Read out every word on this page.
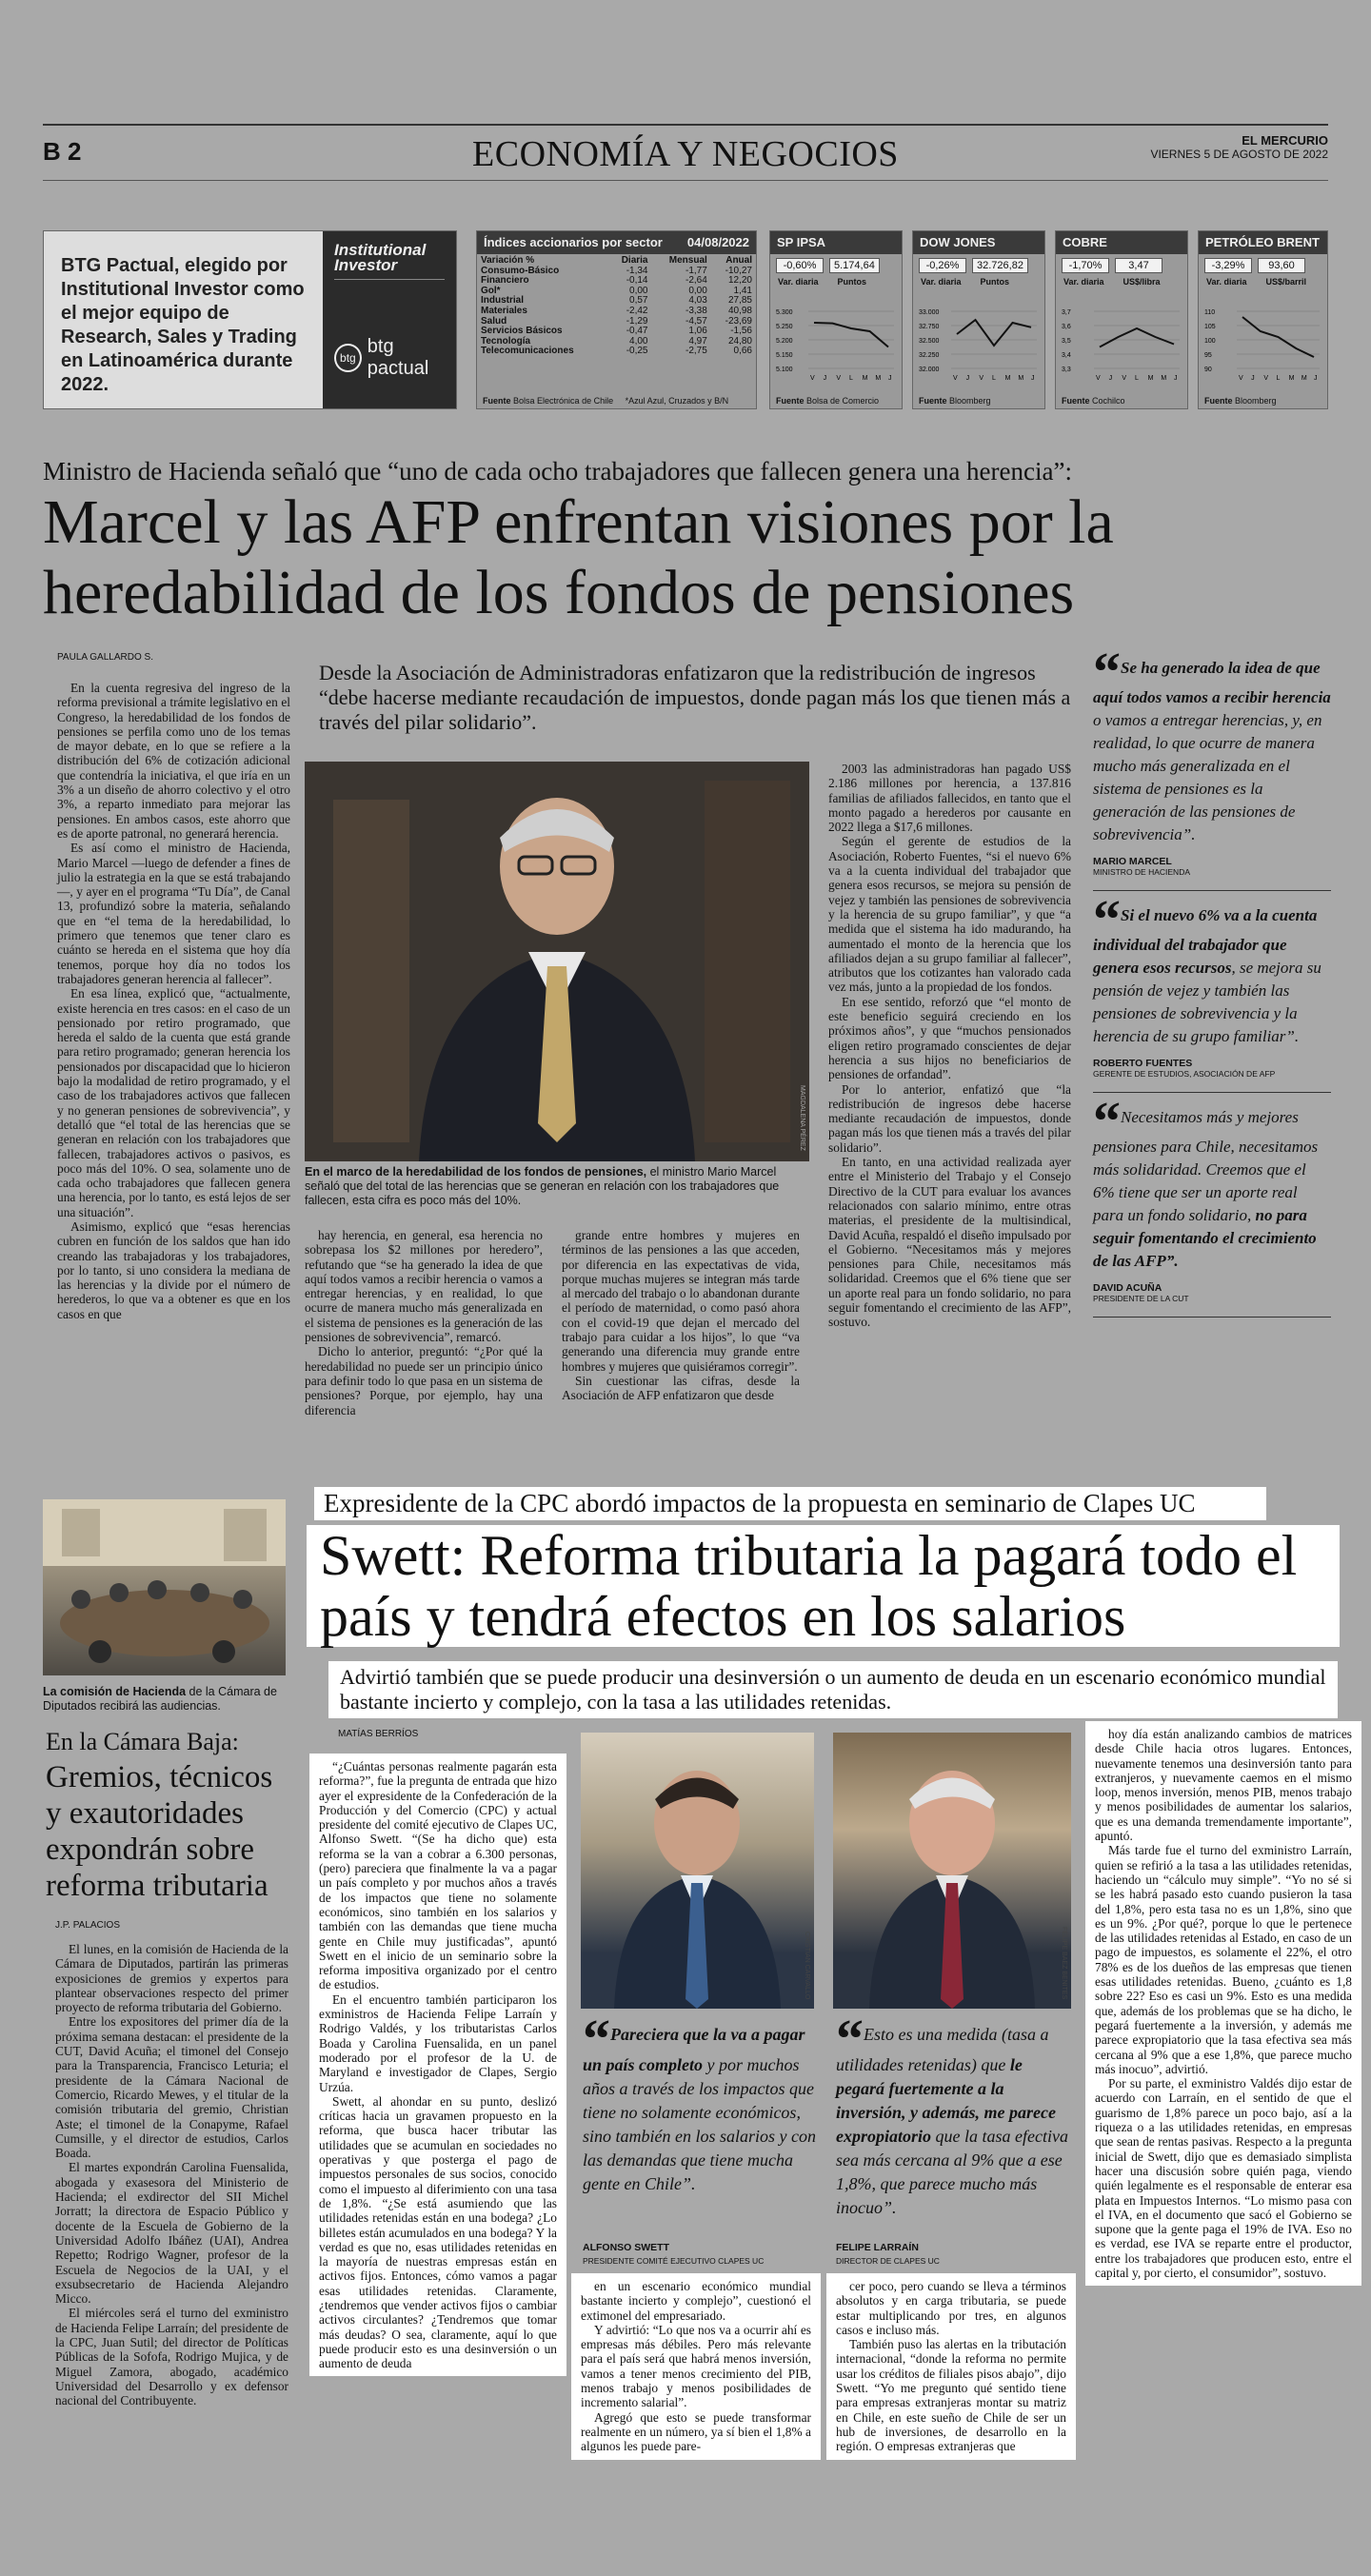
B 2	ECONOMÍA Y NEGOCIOS	EL MERCURIO
VIERNES 5 DE AGOSTO DE 2022
BTG Pactual, elegido por Institutional Investor como el mejor equipo de Research, Sales y Trading en Latinoamérica durante 2022.
Institutional Investor
btg
btg pactual
Índices accionarios por sector 04/08/2022
Variación %	Diaria	Mensual	Anual
Consumo-Básico	-1,34	-1,77	-10,27
Financiero	-0,14	-2,64	12,20
Gol*	0,00	0,00	1,41
Industrial	0,57	4,03	27,85
Materiales	-2,42	-3,38	40,98
Salud	-1,29	-4,57	-23,69
Servicios Básicos	-0,47	1,06	-1,56
Tecnología	4,00	4,97	24,80
Telecomunicaciones	-0,25	-2,75	0,66
Fuente Bolsa Electrónica de Chile *Azul Azul, Cruzados y B/N
SP IPSA
-0,60%	5.174,64
Var. diaria Puntos
5.300
5.250
5.200
5.150
5.100
V J V L M M J
Fuente Bolsa de Comercio
DOW JONES
-0,26%	32.726,82
Var. diaria Puntos
33.000
32.750
32.500
32.250
32.000
V J V L M M J
Fuente Bloomberg
COBRE
-1,70%	3,47
Var. diaria US$/libra
3,7
3,6
3,5
3,4
3,3
V J V L M M J
Fuente Cochilco
PETRÓLEO BRENT
-3,29%	93,60
Var. diaria US$/barril
110
105
100
95
90
V J V L M M J
Fuente Bloomberg
Ministro de Hacienda señaló que “uno de cada ocho trabajadores que fallecen genera una herencia”:
Marcel y las AFP enfrentan visiones por la heredabilidad de los fondos de pensiones
PAULA GALLARDO S.
Desde la Asociación de Administradoras enfatizaron que la redistribución de ingresos “debe hacerse mediante recaudación de impuestos, donde pagan más los que tienen más a través del pilar solidario”.

En la cuenta regresiva del ingreso de la reforma previsional a trámite legislativo en el Congreso, la heredabilidad de los fondos de pensiones se perfila como uno de los temas de mayor debate, en lo que se refiere a la distribución del 6% de cotización adicional que contendría la iniciativa, el que iría en un 3% a un diseño de ahorro colectivo y el otro 3%, a reparto inmediato para mejorar las pensiones. En ambos casos, este ahorro que es de aporte patronal, no generará herencia.

Es así como el ministro de Hacienda, Mario Marcel —luego de defender a fines de julio la estrategia en la que se está trabajando—, y ayer en el programa “Tu Día”, de Canal 13, profundizó sobre la materia, señalando que en “el tema de la heredabilidad, lo primero que tenemos que tener claro es cuánto se hereda en el sistema que hoy día tenemos, porque hoy día no todos los trabajadores generan herencia al fallecer”.

En esa línea, explicó que, “actualmente, existe herencia en tres casos: en el caso de un pensionado por retiro programado, que hereda el saldo de la cuenta que está grande para retiro programado; generan herencia los pensionados por discapacidad que lo hicieron bajo la modalidad de retiro programado, y el caso de los trabajadores activos que fallecen y no generan pensiones de sobrevivencia”, y detalló que “el total de las herencias que se generan en relación con los trabajadores que fallecen, trabajadores activos o pasivos, es poco más del 10%. O sea, solamente uno de cada ocho trabajadores que fallecen genera una herencia, por lo tanto, es está lejos de ser una situación”.

Asimismo, explicó que “esas herencias cubren en función de los saldos que han ido creando las trabajadoras y los trabajadores, por lo tanto, si uno considera la mediana de las herencias y la divide por el número de herederos, lo que va a obtener es que en los casos en que

MAGDALENA PÉREZ
En el marco de la heredabilidad de los fondos de pensiones, el ministro Mario Marcel señaló que del total de las herencias que se generan en relación con los trabajadores que fallecen, esta cifra es poco más del 10%.

hay herencia, en general, esa herencia no sobrepasa los $2 millones por heredero”, refutando que “se ha generado la idea de que aquí todos vamos a recibir herencia o vamos a entregar herencias, y en realidad, lo que ocurre de manera mucho más generalizada en el sistema de pensiones es la generación de las pensiones de sobrevivencia”, remarcó.

Dicho lo anterior, preguntó: “¿Por qué la heredabilidad no puede ser un principio único para definir todo lo que pasa en un sistema de pensiones? Porque, por ejemplo, hay una diferencia

grande entre hombres y mujeres en términos de las pensiones a las que acceden, por diferencia en las expectativas de vida, porque muchas mujeres se integran más tarde al mercado del trabajo o lo abandonan durante el período de maternidad, o como pasó ahora con el covid-19 que dejan el mercado del trabajo para cuidar a los hijos”, lo que “va generando una diferencia muy grande entre hombres y mujeres que quisiéramos corregir”.

Sin cuestionar las cifras, desde la Asociación de AFP enfatizaron que desde

2003 las administradoras han pagado US$ 2.186 millones por herencia, a 137.816 familias de afiliados fallecidos, en tanto que el monto pagado a herederos por causante en 2022 llega a $17,6 millones.

Según el gerente de estudios de la Asociación, Roberto Fuentes, “si el nuevo 6% va a la cuenta individual del trabajador que genera esos recursos, se mejora su pensión de vejez y también las pensiones de sobrevivencia y la herencia de su grupo familiar”, y que “a medida que el sistema ha ido madurando, ha aumentado el monto de la herencia que los afiliados dejan a su grupo familiar al fallecer”, atributos que los cotizantes han valorado cada vez más, junto a la propiedad de los fondos.

En ese sentido, reforzó que “el monto de este beneficio seguirá creciendo en los próximos años”, y que “muchos pensionados eligen retiro programado conscientes de dejar herencia a sus hijos no beneficiarios de pensiones de orfandad”.

Por lo anterior, enfatizó que “la redistribución de ingresos debe hacerse mediante recaudación de impuestos, donde pagan más los que tienen más a través del pilar solidario”.

En tanto, en una actividad realizada ayer entre el Ministerio del Trabajo y el Consejo Directivo de la CUT para evaluar los avances relacionados con salario mínimo, entre otras materias, el presidente de la multisindical, David Acuña, respaldó el diseño impulsado por el Gobierno. “Necesitamos más y mejores pensiones para Chile, necesitamos más solidaridad. Creemos que el 6% tiene que ser un aporte real para un fondo solidario, no para seguir fomentando el crecimiento de las AFP”, sostuvo.

“Se ha generado la idea de que aquí todos vamos a recibir herencia o vamos a entregar herencias, y, en realidad, lo que ocurre de manera mucho más generalizada en el sistema de pensiones es la generación de las pensiones de sobrevivencia”.
MARIO MARCEL
MINISTRO DE HACIENDA
“Si el nuevo 6% va a la cuenta individual del trabajador que genera esos recursos, se mejora su pensión de vejez y también las pensiones de sobrevivencia y la herencia de su grupo familiar”.
ROBERTO FUENTES
GERENTE DE ESTUDIOS, ASOCIACIÓN DE AFP
“Necesitamos más y mejores pensiones para Chile, necesitamos más solidaridad. Creemos que el 6% tiene que ser un aporte real para un fondo solidario, no para seguir fomentando el crecimiento de las AFP”.
DAVID ACUÑA
PRESIDENTE DE LA CUT
La comisión de Hacienda de la Cámara de Diputados recibirá las audiencias.
En la Cámara Baja:
Gremios, técnicos y exautoridades expondrán sobre reforma tributaria
J.P. PALACIOS

El lunes, en la comisión de Hacienda de la Cámara de Diputados, partirán las primeras exposiciones de gremios y expertos para plantear observaciones respecto del primer proyecto de reforma tributaria del Gobierno.

Entre los expositores del primer día de la próxima semana destacan: el presidente de la CUT, David Acuña; el timonel del Consejo para la Transparencia, Francisco Leturia; el presidente de la Cámara Nacional de Comercio, Ricardo Mewes, y el titular de la comisión tributaria del gremio, Christian Aste; el timonel de la Conapyme, Rafael Cumsille, y el director de estudios, Carlos Boada.

El martes expondrán Carolina Fuensalida, abogada y exasesora del Ministerio de Hacienda; el exdirector del SII Michel Jorratt; la directora de Espacio Público y docente de la Escuela de Gobierno de la Universidad Adolfo Ibáñez (UAI), Andrea Repetto; Rodrigo Wagner, profesor de la Escuela de Negocios de la UAI, y el exsubsecretario de Hacienda Alejandro Micco.

El miércoles será el turno del exministro de Hacienda Felipe Larraín; del presidente de la CPC, Juan Sutil; del director de Políticas Públicas de la Sofofa, Rodrigo Mujica, y de Miguel Zamora, abogado, académico Universidad del Desarrollo y ex defensor nacional del Contribuyente.

Expresidente de la CPC abordó impactos de la propuesta en seminario de Clapes UC
Swett: Reforma tributaria la pagará todo el país y tendrá efectos en los salarios
Advirtió también que se puede producir una desinversión o un aumento de deuda en un escenario económico mundial bastante incierto y complejo, con la tasa a las utilidades retenidas.
MATÍAS BERRÍOS

“¿Cuántas personas realmente pagarán esta reforma?”, fue la pregunta de entrada que hizo ayer el expresidente de la Confederación de la Producción y del Comercio (CPC) y actual presidente del comité ejecutivo de Clapes UC, Alfonso Swett. “(Se ha dicho que) esta reforma se la van a cobrar a 6.300 personas, (pero) pareciera que finalmente la va a pagar un país completo y por muchos años a través de los impactos que tiene no solamente económicos, sino también en los salarios y también con las demandas que tiene mucha gente en Chile muy justificadas”, apuntó Swett en el inicio de un seminario sobre la reforma impositiva organizado por el centro de estudios.

En el encuentro también participaron los exministros de Hacienda Felipe Larraín y Rodrigo Valdés, y los tributaristas Carlos Boada y Carolina Fuensalida, en un panel moderado por el profesor de la U. de Maryland e investigador de Clapes, Sergio Urzúa.

Swett, al ahondar en su punto, deslizó críticas hacia un gravamen propuesto en la reforma, que busca hacer tributar las utilidades que se acumulan en sociedades no operativas y que posterga el pago de impuestos personales de sus socios, conocido como el impuesto al diferimiento con una tasa de 1,8%. “¿Se está asumiendo que las utilidades retenidas están en una bodega? ¿Lo billetes están acumulados en una bodega? Y la verdad es que no, esas utilidades retenidas en la mayoría de nuestras empresas están en activos fijos. Entonces, cómo vamos a pagar esas utilidades retenidas. Claramente, ¿tendremos que vender activos fijos o cambiar activos circulantes? ¿Tendremos que tomar más deudas? O sea, claramente, aquí lo que puede producir esto es una desinversión o un aumento de deuda

CRISTIAN CARVALLO	FELIPE BAEZ BENITES
“Pareciera que la va a pagar un país completo y por muchos años a través de los impactos que tiene no solamente económicos, sino también en los salarios y con las demandas que tiene mucha gente en Chile”.
ALFONSO SWETT
PRESIDENTE COMITÉ EJECUTIVO CLAPES UC
“Esto es una medida (tasa a utilidades retenidas) que le pegará fuertemente a la inversión, y además, me parece expropiatorio que la tasa efectiva sea más cercana al 9% que a ese 1,8%, que parece mucho más inocuo”.
FELIPE LARRAÍN
DIRECTOR DE CLAPES UC

en un escenario económico mundial bastante incierto y complejo”, cuestionó el extimonel del empresariado.

Y advirtió: “Lo que nos va a ocurrir ahí es empresas más débiles. Pero más relevante para el país será que habrá menos inversión, vamos a tener menos crecimiento del PIB, menos trabajo y menos posibilidades de incremento salarial”.

Agregó que esto se puede transformar realmente en un número, ya sí bien el 1,8% a algunos les puede pare-

cer poco, pero cuando se lleva a términos absolutos y en carga tributaria, se puede estar multiplicando por tres, en algunos casos e incluso más.

También puso las alertas en la tributación internacional, “donde la reforma no permite usar los créditos de filiales pisos abajo”, dijo Swett. “Yo me pregunto qué sentido tiene para empresas extranjeras montar su matriz en Chile, en este sueño de Chile de ser un hub de inversiones, de desarrollo en la región. O empresas extranjeras que

hoy día están analizando cambios de matrices desde Chile hacia otros lugares. Entonces, nuevamente tenemos una desinversión tanto para extranjeros, y nuevamente caemos en el mismo loop, menos inversión, menos PIB, menos trabajo y menos posibilidades de aumentar los salarios, que es una demanda tremendamente importante”, apuntó.

Más tarde fue el turno del exministro Larraín, quien se refirió a la tasa a las utilidades retenidas, haciendo un “cálculo muy simple”. “Yo no sé si se les habrá pasado esto cuando pusieron la tasa del 1,8%, pero esta tasa no es un 1,8%, sino que es un 9%. ¿Por qué?, porque lo que le pertenece de las utilidades retenidas al Estado, en caso de un pago de impuestos, es solamente el 22%, el otro 78% es de los dueños de las empresas que tienen esas utilidades retenidas. Bueno, ¿cuánto es 1,8 sobre 22? Eso es casi un 9%. Esto es una medida que, además de los problemas que se ha dicho, le pegará fuertemente a la inversión, y además me parece expropiatorio que la tasa efectiva sea más cercana al 9% que a ese 1,8%, que parece mucho más inocuo”, advirtió.

Por su parte, el exministro Valdés dijo estar de acuerdo con Larraín, en el sentido de que el guarismo de 1,8% parece un poco bajo, así a la riqueza o a las utilidades retenidas, en empresas que sean de rentas pasivas. Respecto a la pregunta inicial de Swett, dijo que es demasiado simplista hacer una discusión sobre quién paga, viendo quién legalmente es el responsable de enterar esa plata en Impuestos Internos. “Lo mismo pasa con el IVA, en el documento que sacó el Gobierno se supone que la gente paga el 19% de IVA. Eso no es verdad, ese IVA se reparte entre el productor, entre los trabajadores que producen esto, entre el capital y, por cierto, el consumidor”, sostuvo.
